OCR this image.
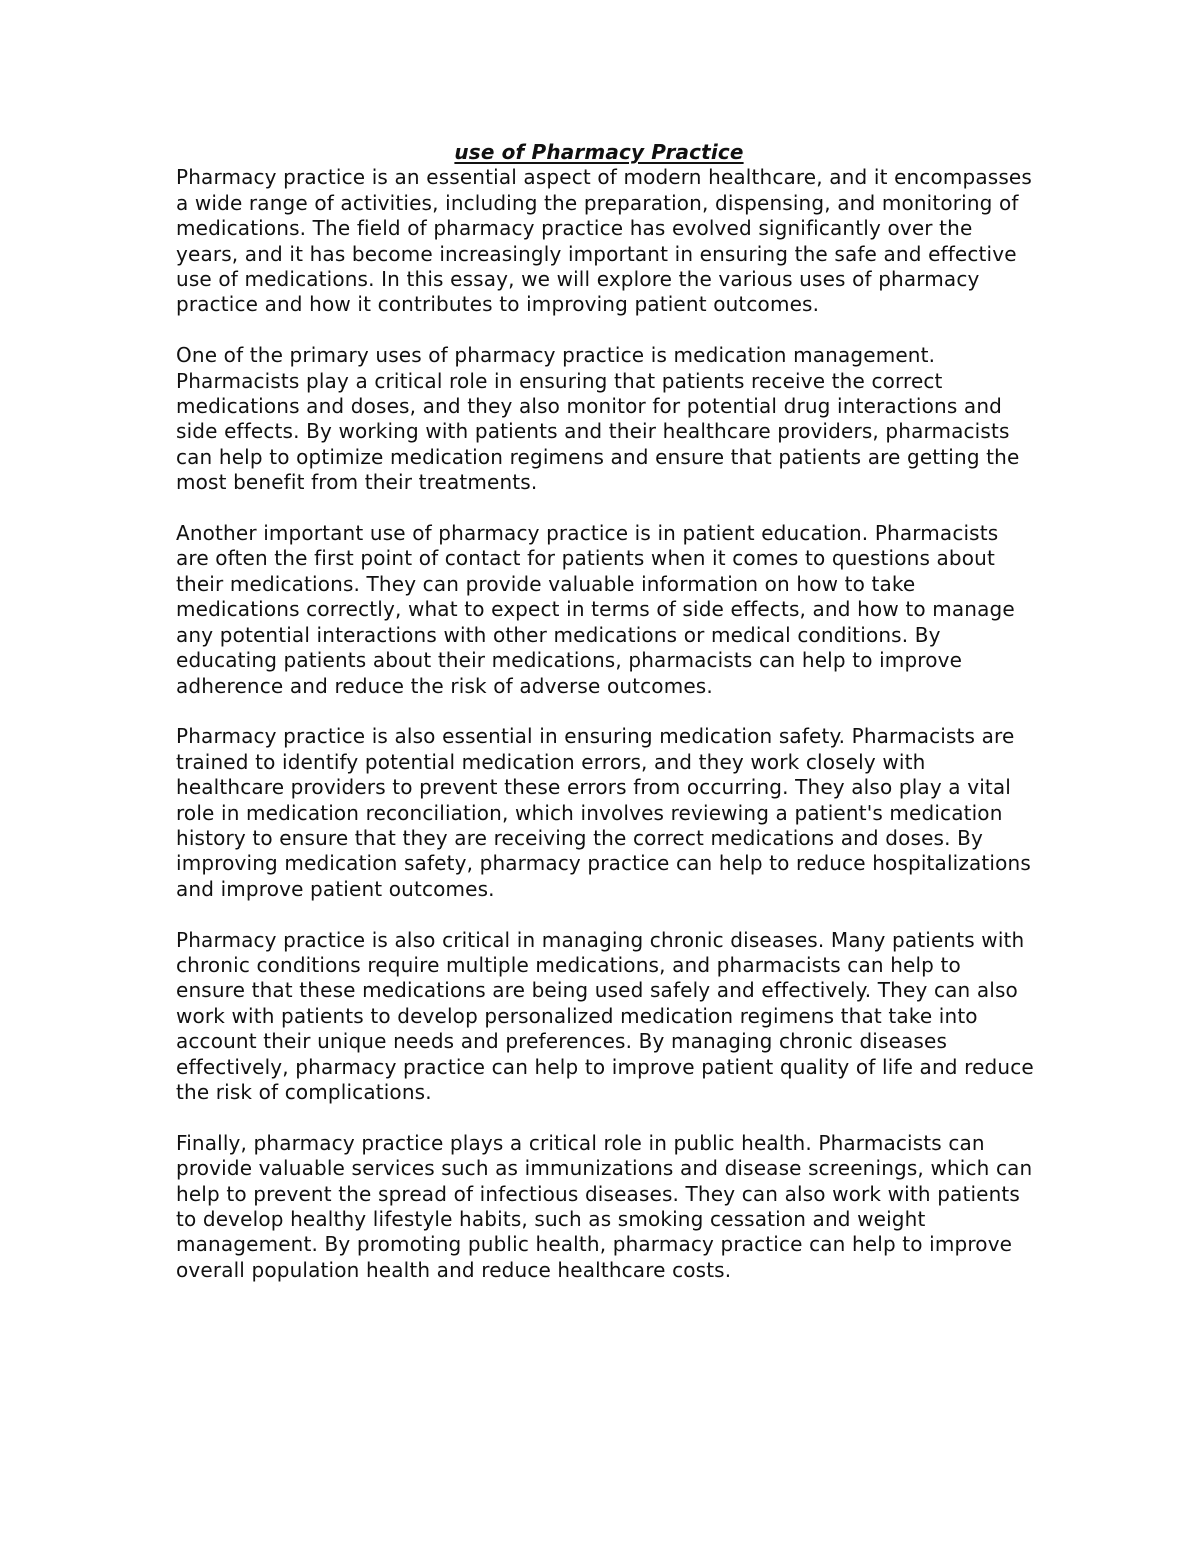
use of Pharmacy Practice

Pharmacy practice is an essential aspect of modern healthcare, and it encompasses a wide range of activities, including the preparation, dispensing, and monitoring of medications. The field of pharmacy practice has evolved significantly over the years, and it has become increasingly important in ensuring the safe and effective use of medications. In this essay, we will explore the various uses of pharmacy practice and how it contributes to improving patient outcomes.

One of the primary uses of pharmacy practice is medication management. Pharmacists play a critical role in ensuring that patients receive the correct medications and doses, and they also monitor for potential drug interactions and side effects. By working with patients and their healthcare providers, pharmacists can help to optimize medication regimens and ensure that patients are getting the most benefit from their treatments.

Another important use of pharmacy practice is in patient education. Pharmacists are often the first point of contact for patients when it comes to questions about their medications. They can provide valuable information on how to take medications correctly, what to expect in terms of side effects, and how to manage any potential interactions with other medications or medical conditions. By educating patients about their medications, pharmacists can help to improve adherence and reduce the risk of adverse outcomes.

Pharmacy practice is also essential in ensuring medication safety. Pharmacists are trained to identify potential medication errors, and they work closely with healthcare providers to prevent these errors from occurring. They also play a vital role in medication reconciliation, which involves reviewing a patient's medication history to ensure that they are receiving the correct medications and doses. By improving medication safety, pharmacy practice can help to reduce hospitalizations and improve patient outcomes.

Pharmacy practice is also critical in managing chronic diseases. Many patients with chronic conditions require multiple medications, and pharmacists can help to ensure that these medications are being used safely and effectively. They can also work with patients to develop personalized medication regimens that take into account their unique needs and preferences. By managing chronic diseases effectively, pharmacy practice can help to improve patient quality of life and reduce the risk of complications.

Finally, pharmacy practice plays a critical role in public health. Pharmacists can provide valuable services such as immunizations and disease screenings, which can help to prevent the spread of infectious diseases. They can also work with patients to develop healthy lifestyle habits, such as smoking cessation and weight management. By promoting public health, pharmacy practice can help to improve overall population health and reduce healthcare costs.
